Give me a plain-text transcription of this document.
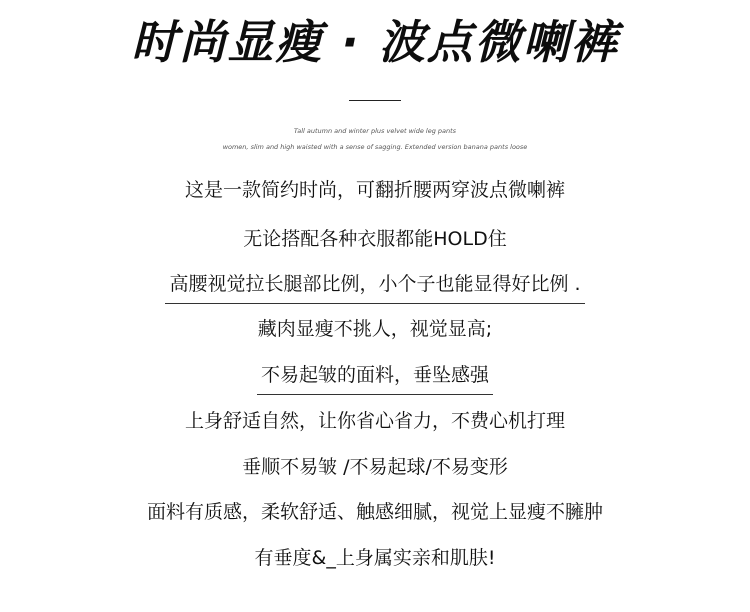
时尚显瘦 · 波点微喇裤
Tall autumn and winter plus velvet wide leg pants
women, slim and high waisted with a sense of sagging. Extended version banana pants loose
这是一款简约时尚，可翻折腰两穿波点微喇裤
无论搭配各种衣服都能HOLD住
高腰视觉拉长腿部比例，小个子也能显得好比例 .
藏肉显瘦不挑人，视觉显高;
不易起皱的面料，垂坠感强
上身舒适自然，让你省心省力，不费心机打理
垂顺不易皱 /不易起球/不易变形
面料有质感，柔软舒适、触感细腻，视觉上显瘦不臃肿
有垂度&_上身属实亲和肌肤!
